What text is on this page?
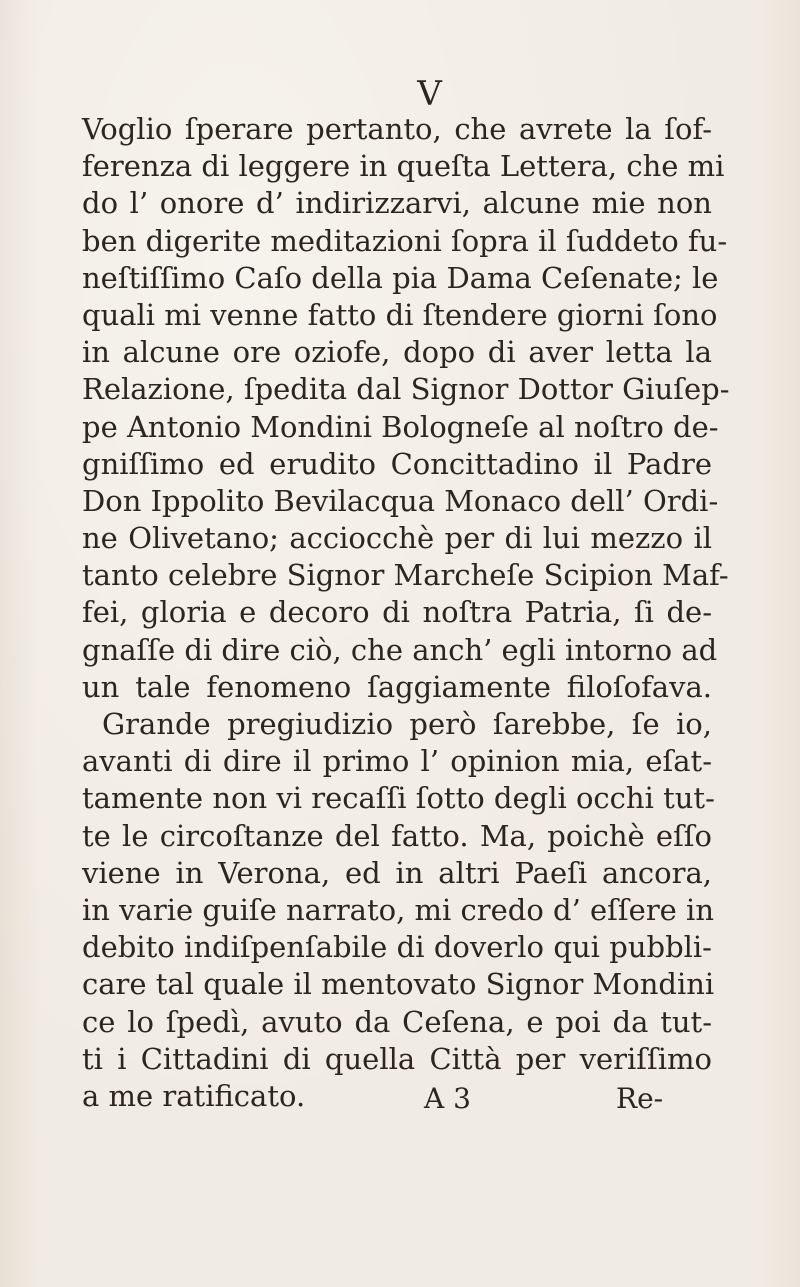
V
Voglio ſperare pertanto, che avrete la ſof-
ferenza di leggere in queſta Lettera, che mi
do l’ onore d’ indirizzarvi, alcune mie non
ben digerite meditazioni ſopra il ſuddeto fu-
neſtiſſimo Caſo della pia Dama Ceſenate; le
quali mi venne fatto di ſtendere giorni ſono
in alcune ore oziofe, dopo di aver letta la
Relazione, ſpedita dal Signor Dottor Giuſep-
pe Antonio Mondini Bologneſe al noſtro de-
gniſſimo ed erudito Concittadino il Padre
Don Ippolito Bevilacqua Monaco dell’ Ordi-
ne Olivetano; acciocchè per di lui mezzo il
tanto celebre Signor Marcheſe Scipion Maf-
fei, gloria e decoro di noſtra Patria, ſi de-
gnaſſe di dire ciò, che anch’ egli intorno ad
un tale fenomeno ſaggiamente filoſofava.
Grande pregiudizio però ſarebbe, ſe io,
avanti di dire il primo l’ opinion mia, eſat-
tamente non vi recaſſi ſotto degli occhi tut-
te le circoſtanze del fatto. Ma, poichè eſſo
viene in Verona, ed in altri Paeſi ancora,
in varie guiſe narrato, mi credo d’ eſſere in
debito indiſpenſabile di doverlo qui pubbli-
care tal quale il mentovato Signor Mondini
ce lo ſpedì, avuto da Ceſena, e poi da tut-
ti i Cittadini di quella Città per veriſſimo
a me ratificato.	A 3	Re-
